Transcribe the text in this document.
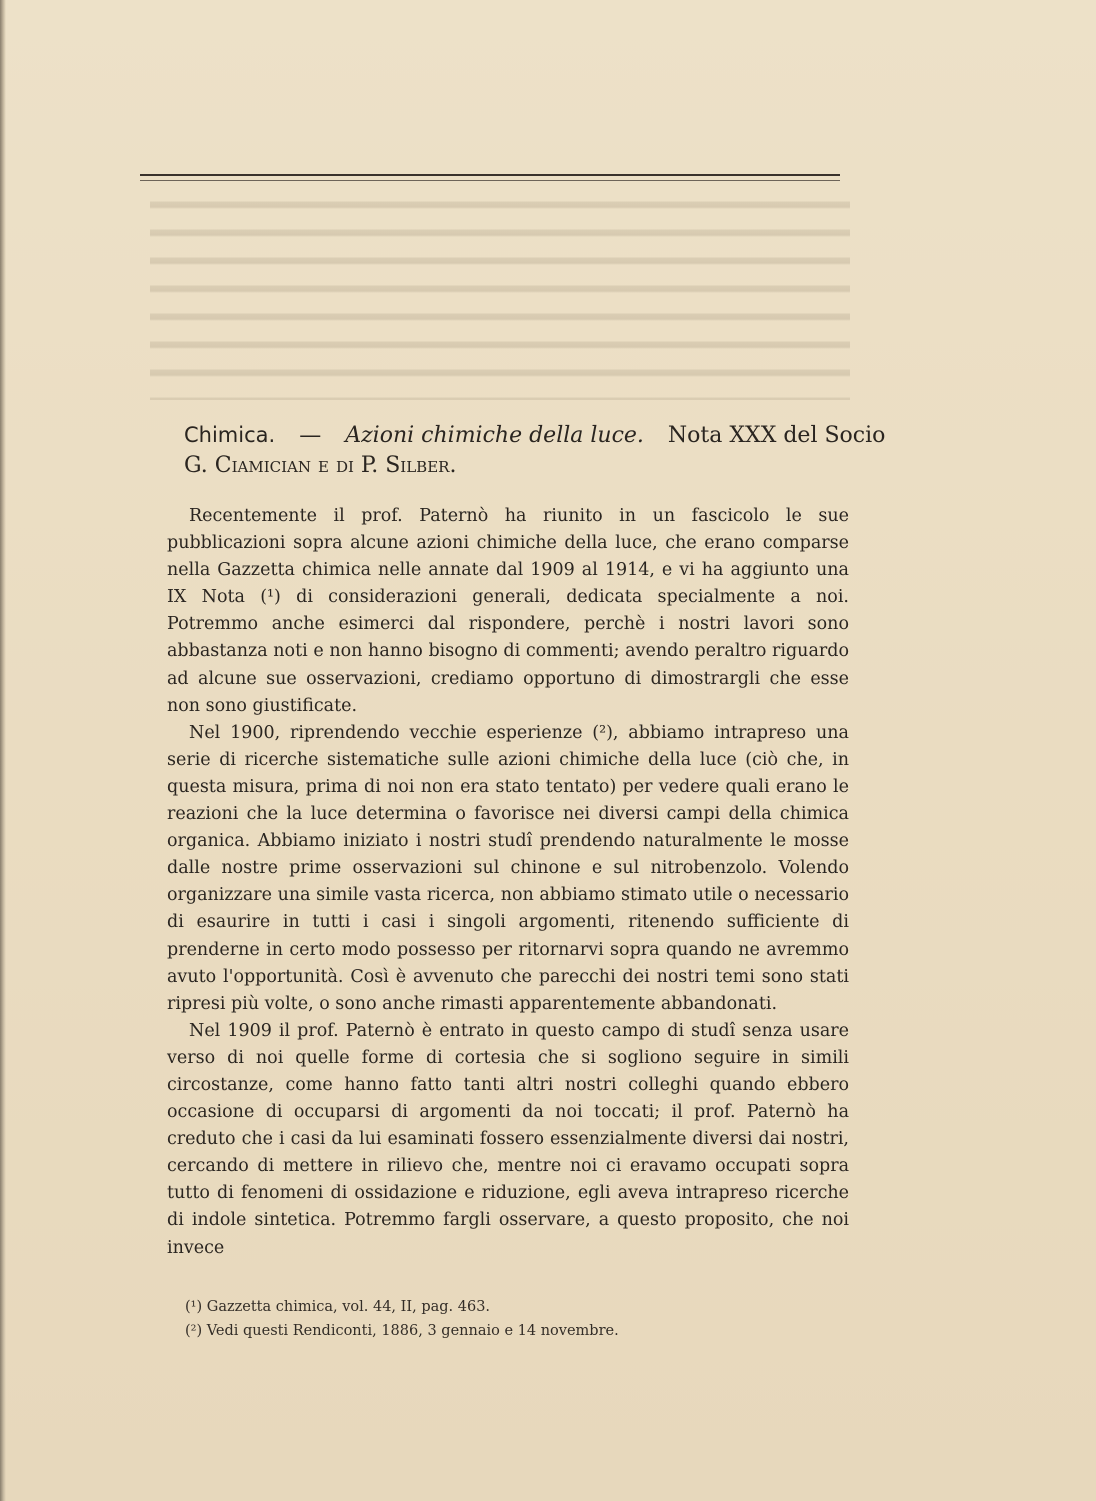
Chimica. — Azioni chimiche della luce. Nota XXX del Socio
G. Ciamician e di P. Silber.

Recentemente il prof. Paternò ha riunito in un fascicolo le sue pubblicazioni sopra alcune azioni chimiche della luce, che erano comparse nella Gazzetta chimica nelle annate dal 1909 al 1914, e vi ha aggiunto una IX Nota (¹) di considerazioni generali, dedicata specialmente a noi. Potremmo anche esimerci dal rispondere, perchè i nostri lavori sono abbastanza noti e non hanno bisogno di commenti; avendo peraltro riguardo ad alcune sue osservazioni, crediamo opportuno di dimostrargli che esse non sono giustificate.

Nel 1900, riprendendo vecchie esperienze (²), abbiamo intrapreso una serie di ricerche sistematiche sulle azioni chimiche della luce (ciò che, in questa misura, prima di noi non era stato tentato) per vedere quali erano le reazioni che la luce determina o favorisce nei diversi campi della chimica organica. Abbiamo iniziato i nostri studî prendendo naturalmente le mosse dalle nostre prime osservazioni sul chinone e sul nitrobenzolo. Volendo organizzare una simile vasta ricerca, non abbiamo stimato utile o necessario di esaurire in tutti i casi i singoli argomenti, ritenendo sufficiente di prenderne in certo modo possesso per ritornarvi sopra quando ne avremmo avuto l'opportunità. Così è avvenuto che parecchi dei nostri temi sono stati ripresi più volte, o sono anche rimasti apparentemente abbandonati.

Nel 1909 il prof. Paternò è entrato in questo campo di studî senza usare verso di noi quelle forme di cortesia che si sogliono seguire in simili circostanze, come hanno fatto tanti altri nostri colleghi quando ebbero occasione di occuparsi di argomenti da noi toccati; il prof. Paternò ha creduto che i casi da lui esaminati fossero essenzialmente diversi dai nostri, cercando di mettere in rilievo che, mentre noi ci eravamo occupati sopra tutto di fenomeni di ossidazione e riduzione, egli aveva intrapreso ricerche di indole sintetica. Potremmo fargli osservare, a questo proposito, che noi invece

(¹) Gazzetta chimica, vol. 44, II, pag. 463.
(²) Vedi questi Rendiconti, 1886, 3 gennaio e 14 novembre.
